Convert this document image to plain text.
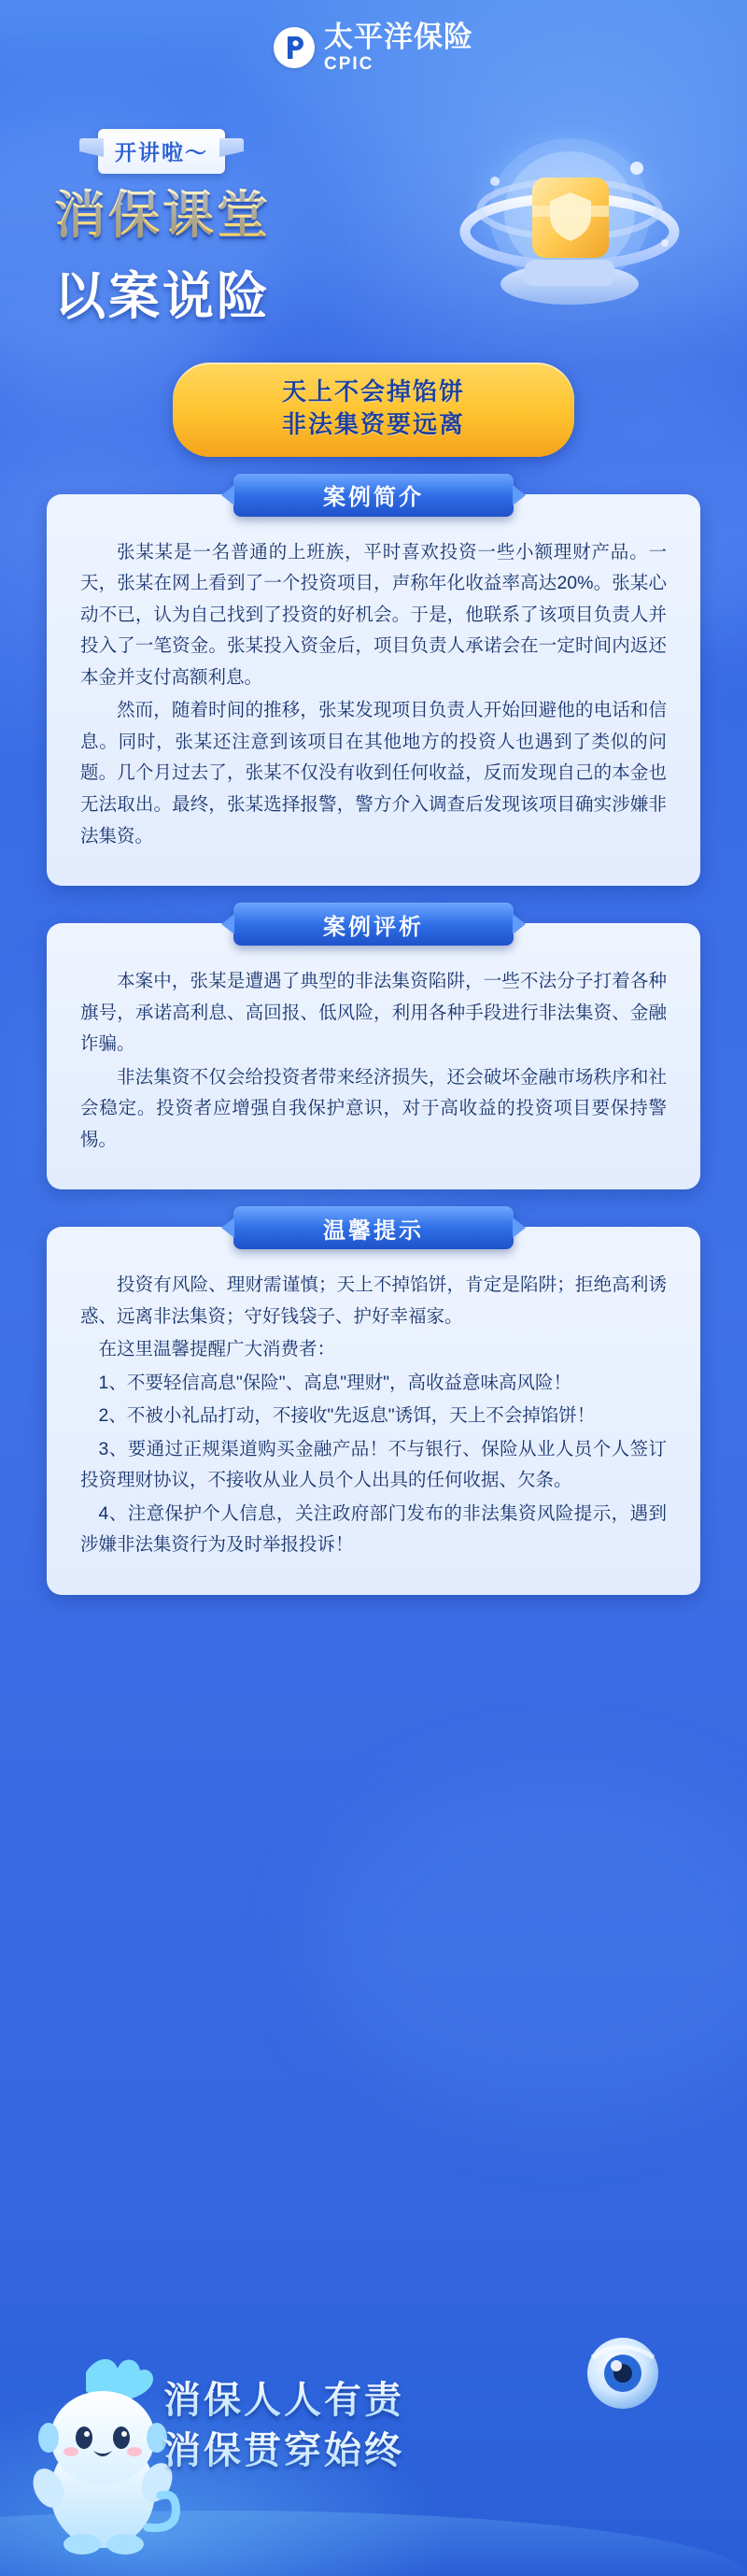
太平洋保险
CPIC
开讲啦～
消保课堂
以案说险
天上不会掉馅饼
非法集资要远离
案例简介

张某某是一名普通的上班族，平时喜欢投资一些小额理财产品。一天，张某在网上看到了一个投资项目，声称年化收益率高达20%。张某心动不已，认为自己找到了投资的好机会。于是，他联系了该项目负责人并投入了一笔资金。张某投入资金后，项目负责人承诺会在一定时间内返还本金并支付高额利息。

然而，随着时间的推移，张某发现项目负责人开始回避他的电话和信息。同时，张某还注意到该项目在其他地方的投资人也遇到了类似的问题。几个月过去了，张某不仅没有收到任何收益，反而发现自己的本金也无法取出。最终，张某选择报警，警方介入调查后发现该项目确实涉嫌非法集资。

案例评析

本案中，张某是遭遇了典型的非法集资陷阱，一些不法分子打着各种旗号，承诺高利息、高回报、低风险，利用各种手段进行非法集资、金融诈骗。

非法集资不仅会给投资者带来经济损失，还会破坏金融市场秩序和社会稳定。投资者应增强自我保护意识，对于高收益的投资项目要保持警惕。

温馨提示

投资有风险、理财需谨慎；天上不掉馅饼，肯定是陷阱；拒绝高利诱惑、远离非法集资；守好钱袋子、护好幸福家。

在这里温馨提醒广大消费者：

1、不要轻信高息"保险"、高息"理财"，高收益意味高风险！

2、不被小礼品打动，不接收"先返息"诱饵，天上不会掉馅饼！

3、要通过正规渠道购买金融产品！不与银行、保险从业人员个人签订投资理财协议，不接收从业人员个人出具的任何收据、欠条。

4、注意保护个人信息，关注政府部门发布的非法集资风险提示，遇到涉嫌非法集资行为及时举报投诉！

消保人人有责
消保贯穿始终
